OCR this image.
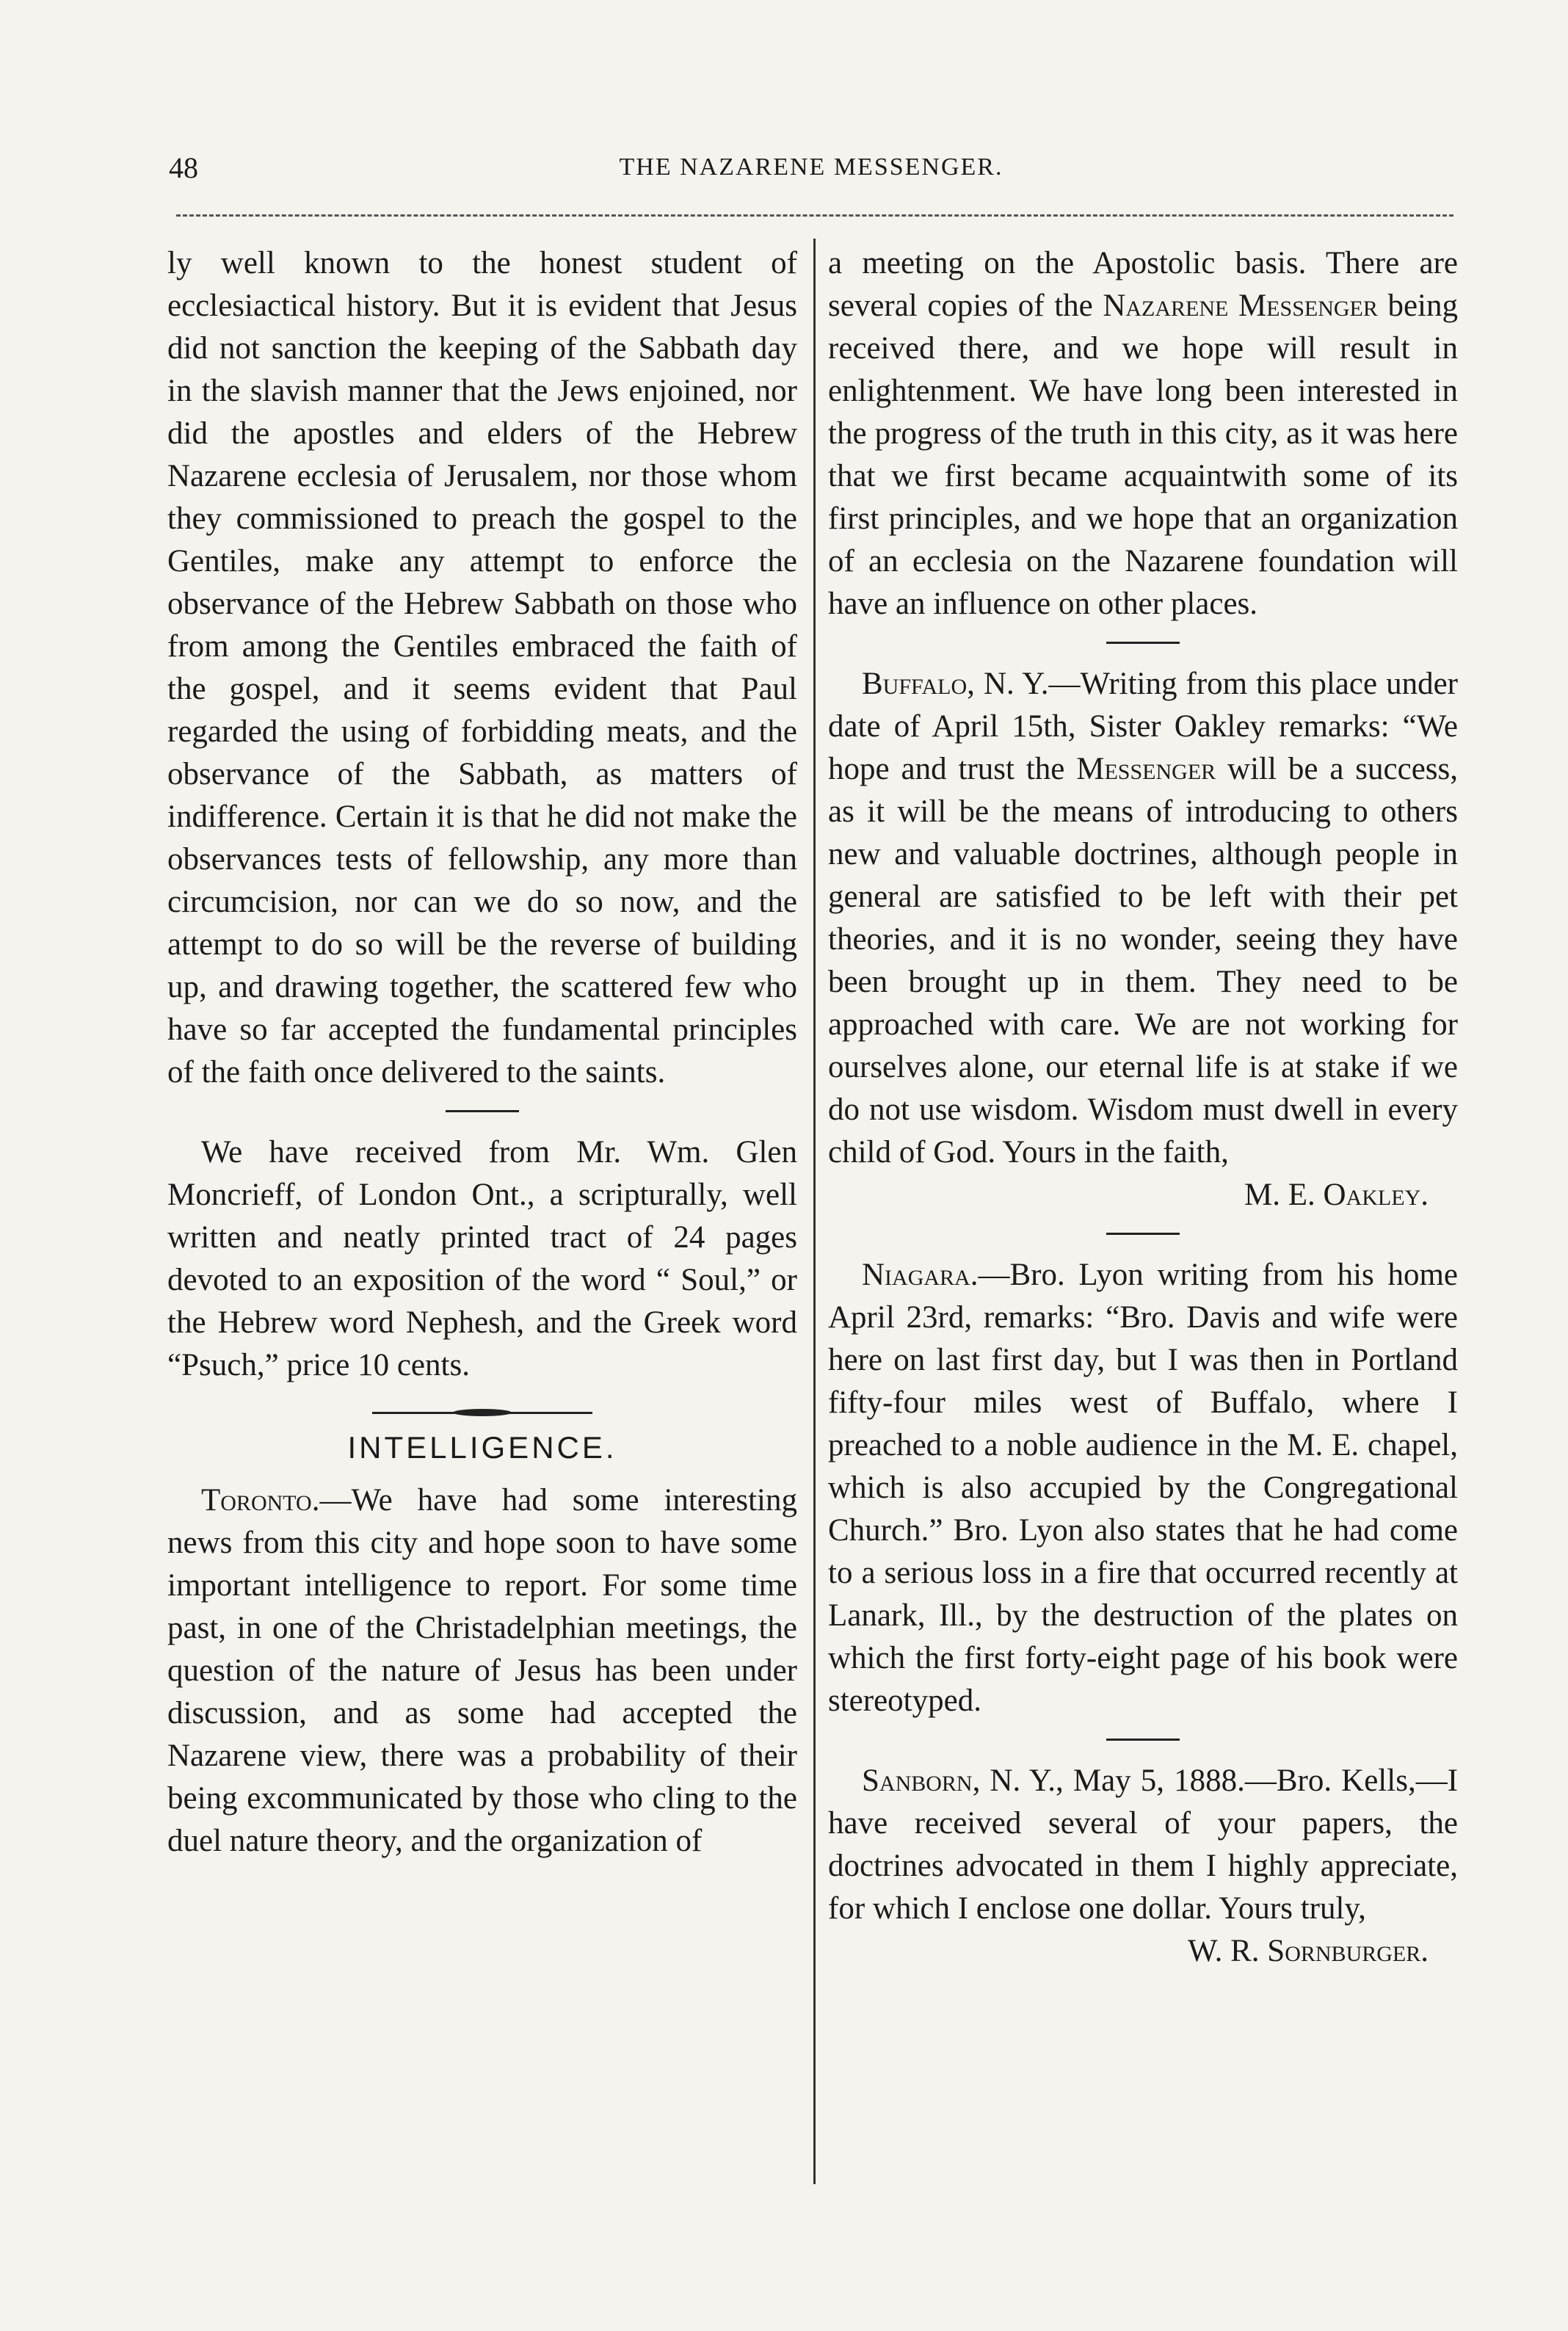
48	THE NAZARENE MESSENGER.

ly well known to the honest student of ecclesiactical history. But it is evident that Jesus did not sanction the keeping of the Sabbath day in the slavish manner that the Jews enjoined, nor did the apostles and elders of the Hebrew Nazarene ecclesia of Jerusalem, nor those whom they commissioned to preach the gospel to the Gentiles, make any attempt to enforce the observance of the Hebrew Sabbath on those who from among the Gentiles embraced the faith of the gospel, and it seems evident that Paul regarded the using of forbidding meats, and the observance of the Sabbath, as matters of indifference. Certain it is that he did not make the observances tests of fellowship, any more than circumcision, nor can we do so now, and the attempt to do so will be the reverse of building up, and drawing together, the scattered few who have so far accepted the fundamental principles of the faith once delivered to the saints.

We have received from Mr. Wm. Glen Moncrieff, of London Ont., a scripturally, well written and neatly printed tract of 24 pages devoted to an exposition of the word “ Soul,” or the Hebrew word Nephesh, and the Greek word “Psuch,” price 10 cents.

INTELLIGENCE.

Toronto.—We have had some interesting news from this city and hope soon to have some important intelligence to report. For some time past, in one of the Christadelphian meetings, the question of the nature of Jesus has been under discussion, and as some had accepted the Nazarene view, there was a probability of their being excommunicated by those who cling to the duel nature theory, and the organization of

a meeting on the Apostolic basis. There are several copies of the Nazarene Messenger being received there, and we hope will result in enlightenment. We have long been interested in the progress of the truth in this city, as it was here that we first became acquaintwith some of its first principles, and we hope that an organization of an ecclesia on the Nazarene foundation will have an influence on other places.

Buffalo, N. Y.—Writing from this place under date of April 15th, Sister Oakley remarks: “We hope and trust the Messenger will be a success, as it will be the means of introducing to others new and valuable doctrines, although people in general are satisfied to be left with their pet theories, and it is no wonder, seeing they have been brought up in them. They need to be approached with care. We are not working for ourselves alone, our eternal life is at stake if we do not use wisdom. Wisdom must dwell in every child of God. Yours in the faith,

M. E. Oakley.

Niagara.—Bro. Lyon writing from his home April 23rd, remarks: “Bro. Davis and wife were here on last first day, but I was then in Portland fifty-four miles west of Buffalo, where I preached to a noble audience in the M. E. chapel, which is also accupied by the Congregational Church.” Bro. Lyon also states that he had come to a serious loss in a fire that occurred recently at Lanark, Ill., by the destruction of the plates on which the first forty-eight page of his book were stereotyped.

Sanborn, N. Y., May 5, 1888.—Bro. Kells,—I have received several of your papers, the doctrines advocated in them I highly appreciate, for which I enclose one dollar. Yours truly,

W. R. Sornburger.
